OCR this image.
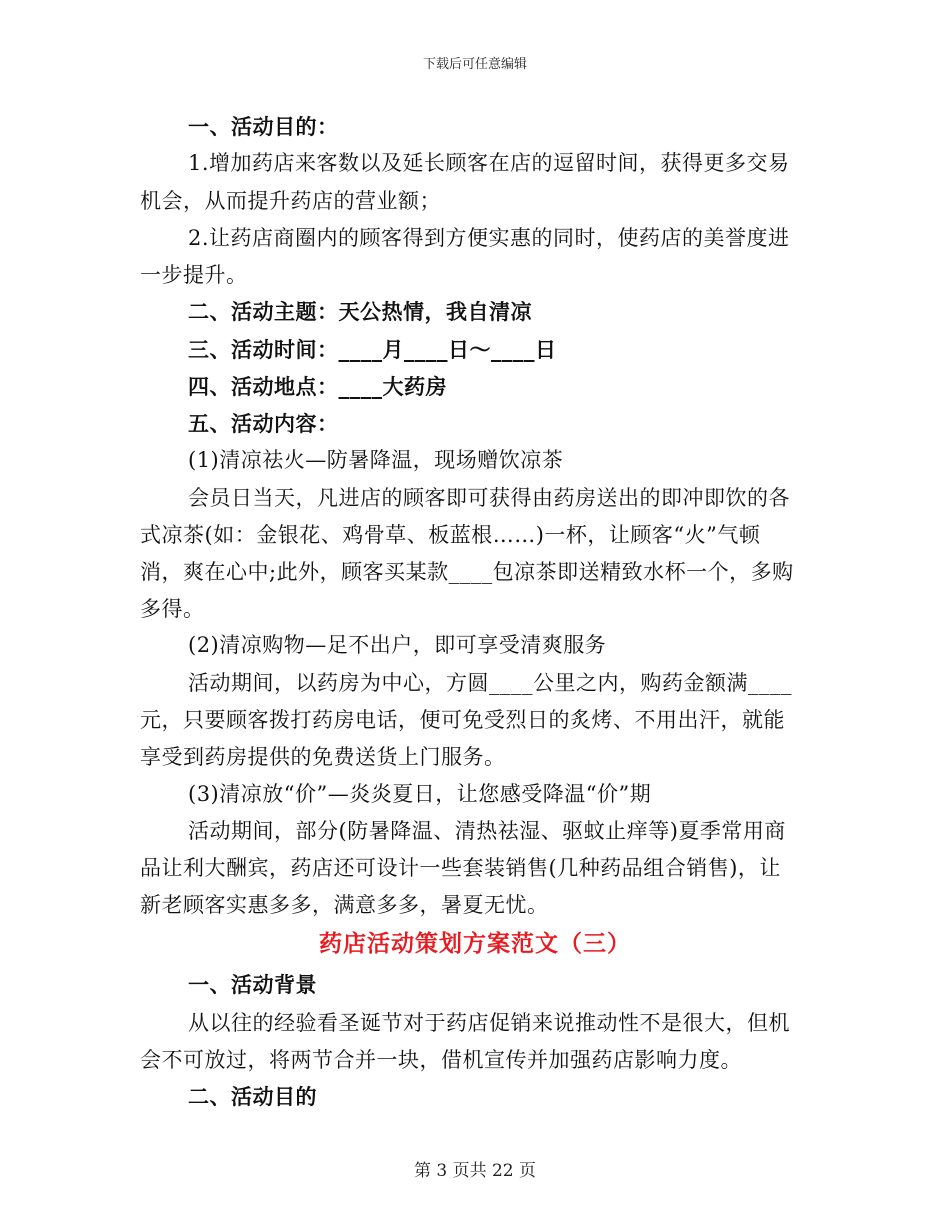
下载后可任意编辑
一、活动目的：
1.增加药店来客数以及延长顾客在店的逗留时间，获得更多交易
机会，从而提升药店的营业额；
2.让药店商圈内的顾客得到方便实惠的同时，使药店的美誉度进
一步提升。
二、活动主题：天公热情，我自清凉
三、活动时间：____月____日～____日
四、活动地点：____大药房
五、活动内容：
(1)清凉祛火—防暑降温，现场赠饮凉茶
会员日当天，凡进店的顾客即可获得由药房送出的即冲即饮的各
式凉茶(如：金银花、鸡骨草、板蓝根……)一杯，让顾客“火”气顿
消，爽在心中;此外，顾客买某款____包凉茶即送精致水杯一个，多购
多得。
(2)清凉购物—足不出户，即可享受清爽服务
活动期间，以药房为中心，方圆____公里之内，购药金额满____
元，只要顾客拨打药房电话，便可免受烈日的炙烤、不用出汗，就能
享受到药房提供的免费送货上门服务。
(3)清凉放“价”—炎炎夏日，让您感受降温“价”期
活动期间，部分(防暑降温、清热祛湿、驱蚊止痒等)夏季常用商
品让利大酬宾，药店还可设计一些套装销售(几种药品组合销售)，让
新老顾客实惠多多，满意多多，暑夏无忧。
药店活动策划方案范文（三）
一、活动背景
从以往的经验看圣诞节对于药店促销来说推动性不是很大，但机
会不可放过，将两节合并一块，借机宣传并加强药店影响力度。
二、活动目的
第 3 页共 22 页
